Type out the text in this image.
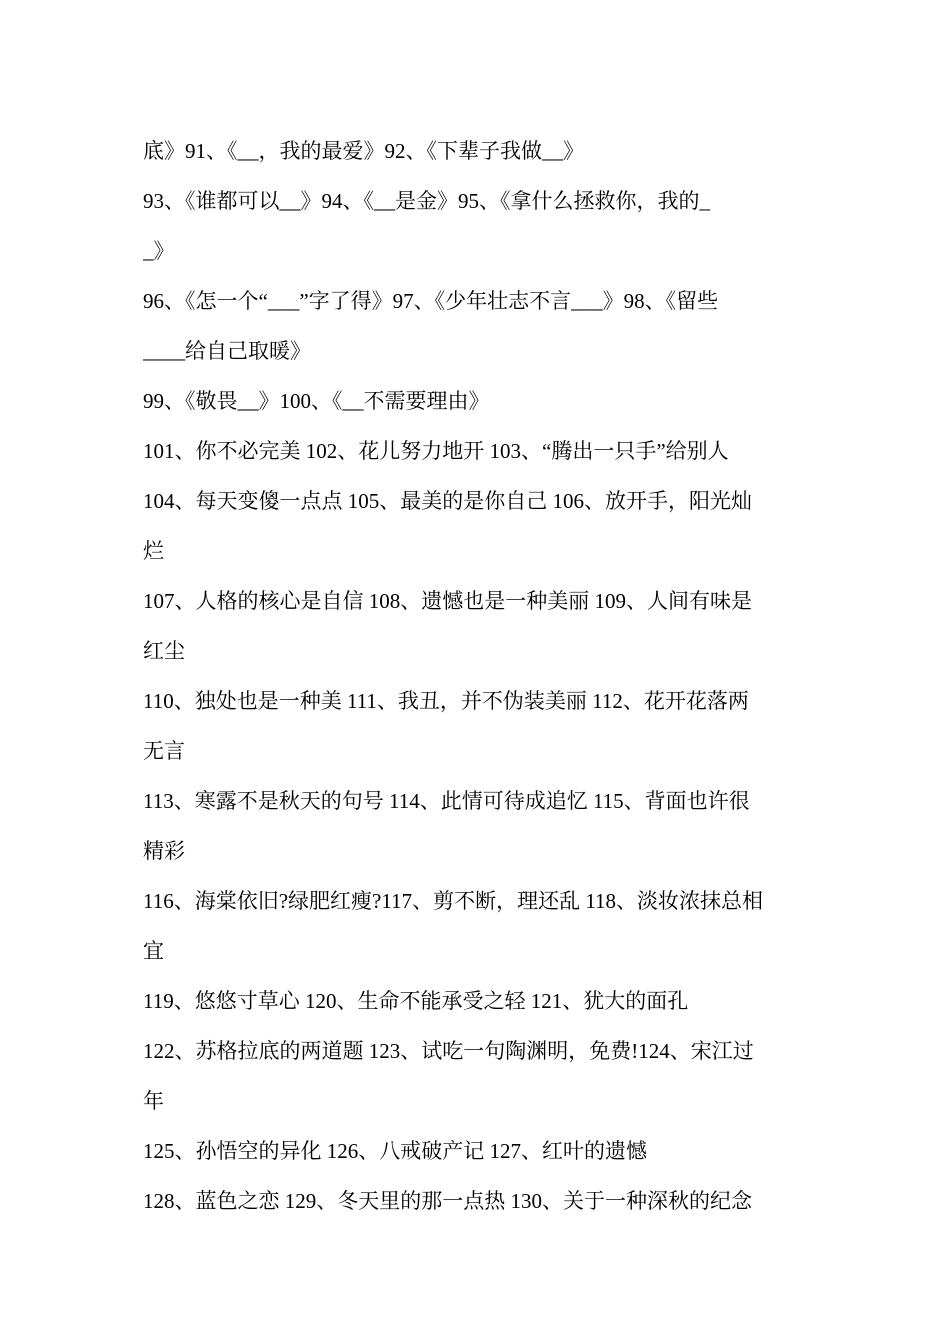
底》91、《__，我的最爱》92、《下辈子我做__》
93、《谁都可以__》94、《__是金》95、《拿什么拯救你，我的_
_》
96、《怎一个“___”字了得》97、《少年壮志不言___》98、《留些
____给自己取暖》
99、《敬畏__》100、《__不需要理由》
101、你不必完美 102、花儿努力地开 103、“腾出一只手”给别人
104、每天变傻一点点 105、最美的是你自己 106、放开手，阳光灿
烂
107、人格的核心是自信 108、遗憾也是一种美丽 109、人间有味是
红尘
110、独处也是一种美 111、我丑，并不伪装美丽 112、花开花落两
无言
113、寒露不是秋天的句号 114、此情可待成追忆 115、背面也许很
精彩
116、海棠依旧?绿肥红瘦?117、剪不断，理还乱 118、淡妆浓抹总相
宜
119、悠悠寸草心 120、生命不能承受之轻 121、犹大的面孔
122、苏格拉底的两道题 123、试吃一句陶渊明，免费!124、宋江过
年
125、孙悟空的异化 126、八戒破产记 127、红叶的遗憾
128、蓝色之恋 129、冬天里的那一点热 130、关于一种深秋的纪念
